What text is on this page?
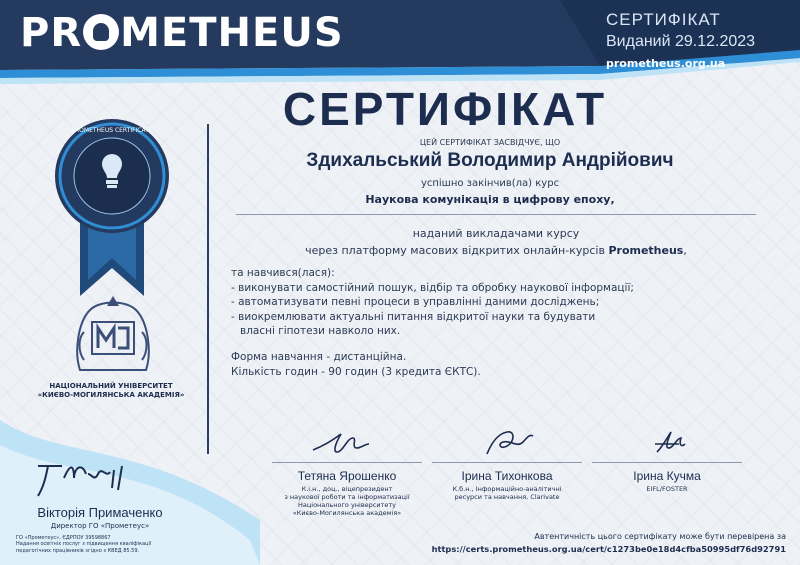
PR METHEUS	СЕРТИФІКАТ
Виданий 29.12.2023
prometheus.org.ua
СЕРТИФІКАТ
ЦЕЙ СЕРТИФІКАТ ЗАСВІДЧУЄ, ЩО
Здихальський Володимир Андрійович
успішно закінчив(ла) курс
Наукова комунікація в цифрову епоху,
наданий викладачами курсу
через платформу масових відкритих онлайн-курсів Prometheus,
та навчився(лася):
- виконувати самостійний пошук, відбір та обробку наукової інформації;
- автоматизувати певні процеси в управлінні даними досліджень;
- виокремлювати актуальні питання відкритої науки та будувати
власні гіпотези навколо них.
Форма навчання - дистанційна.
Кількість годин - 90 годин (3 кредита ЄКТС).
PROMETHEUS CERTIFICATE
НАЦІОНАЛЬНИЙ УНІВЕРСИТЕТ
«КИЄВО-МОГИЛЯНСЬКА АКАДЕМІЯ»
Вікторія Примаченко
Директор ГО «Прометеус»
ГО «Прометеус», ЄДРПОУ 39598867
Надання освітніх послуг з підвищення кваліфікації
педагогічних працівників згідно з КВЕД 85.59.
Тетяна Ярошенко
К.і.н., доц., віцепрезидент
з наукової роботи та інформатизації
Національного університету
«Києво-Могилянська академія»
Ірина Тихонкова
К.б.н., Інформаційно-аналітичні
ресурси та навчання, Clarivate
Ірина Кучма
EIFL/FOSTER
Автентичність цього сертифікату може бути перевірена за
https://certs.prometheus.org.ua/cert/c1273be0e18d4cfba50995df76d92791
